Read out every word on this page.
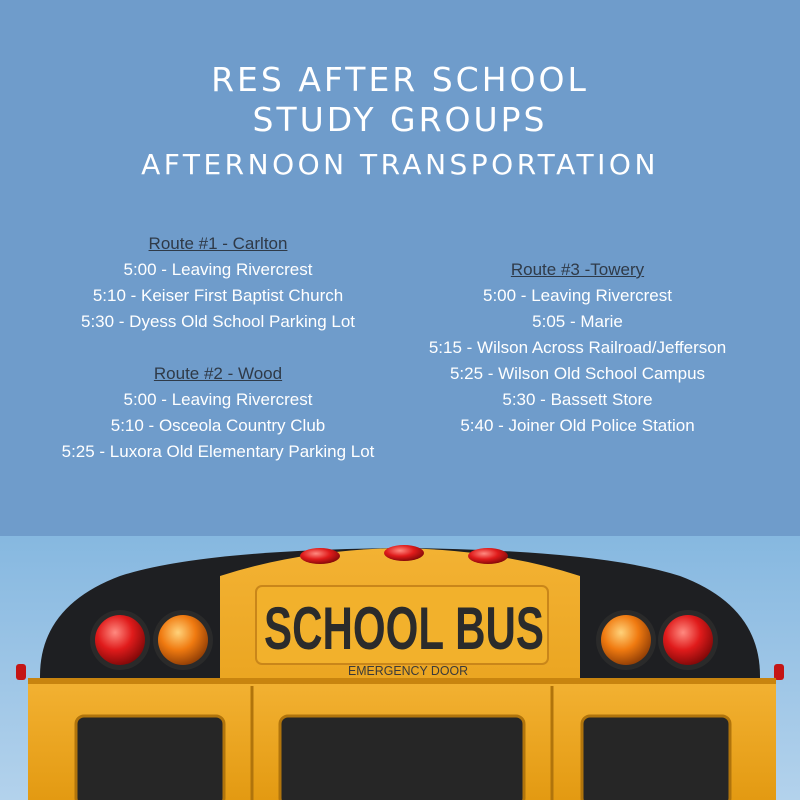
RES AFTER SCHOOL
STUDY GROUPS
AFTERNOON TRANSPORTATION
Route #1 - Carlton
5:00 - Leaving Rivercrest
5:10 - Keiser First Baptist Church
5:30 - Dyess Old School Parking Lot
Route #2 - Wood
5:00 - Leaving Rivercrest
5:10 - Osceola Country Club
5:25 - Luxora Old Elementary Parking Lot
Route #3 -Towery
5:00 - Leaving Rivercrest
5:05 - Marie
5:15 - Wilson Across Railroad/Jefferson
5:25 - Wilson Old School Campus
5:30 - Bassett Store
5:40 - Joiner Old Police Station
SCHOOL BUS
EMERGENCY DOOR
